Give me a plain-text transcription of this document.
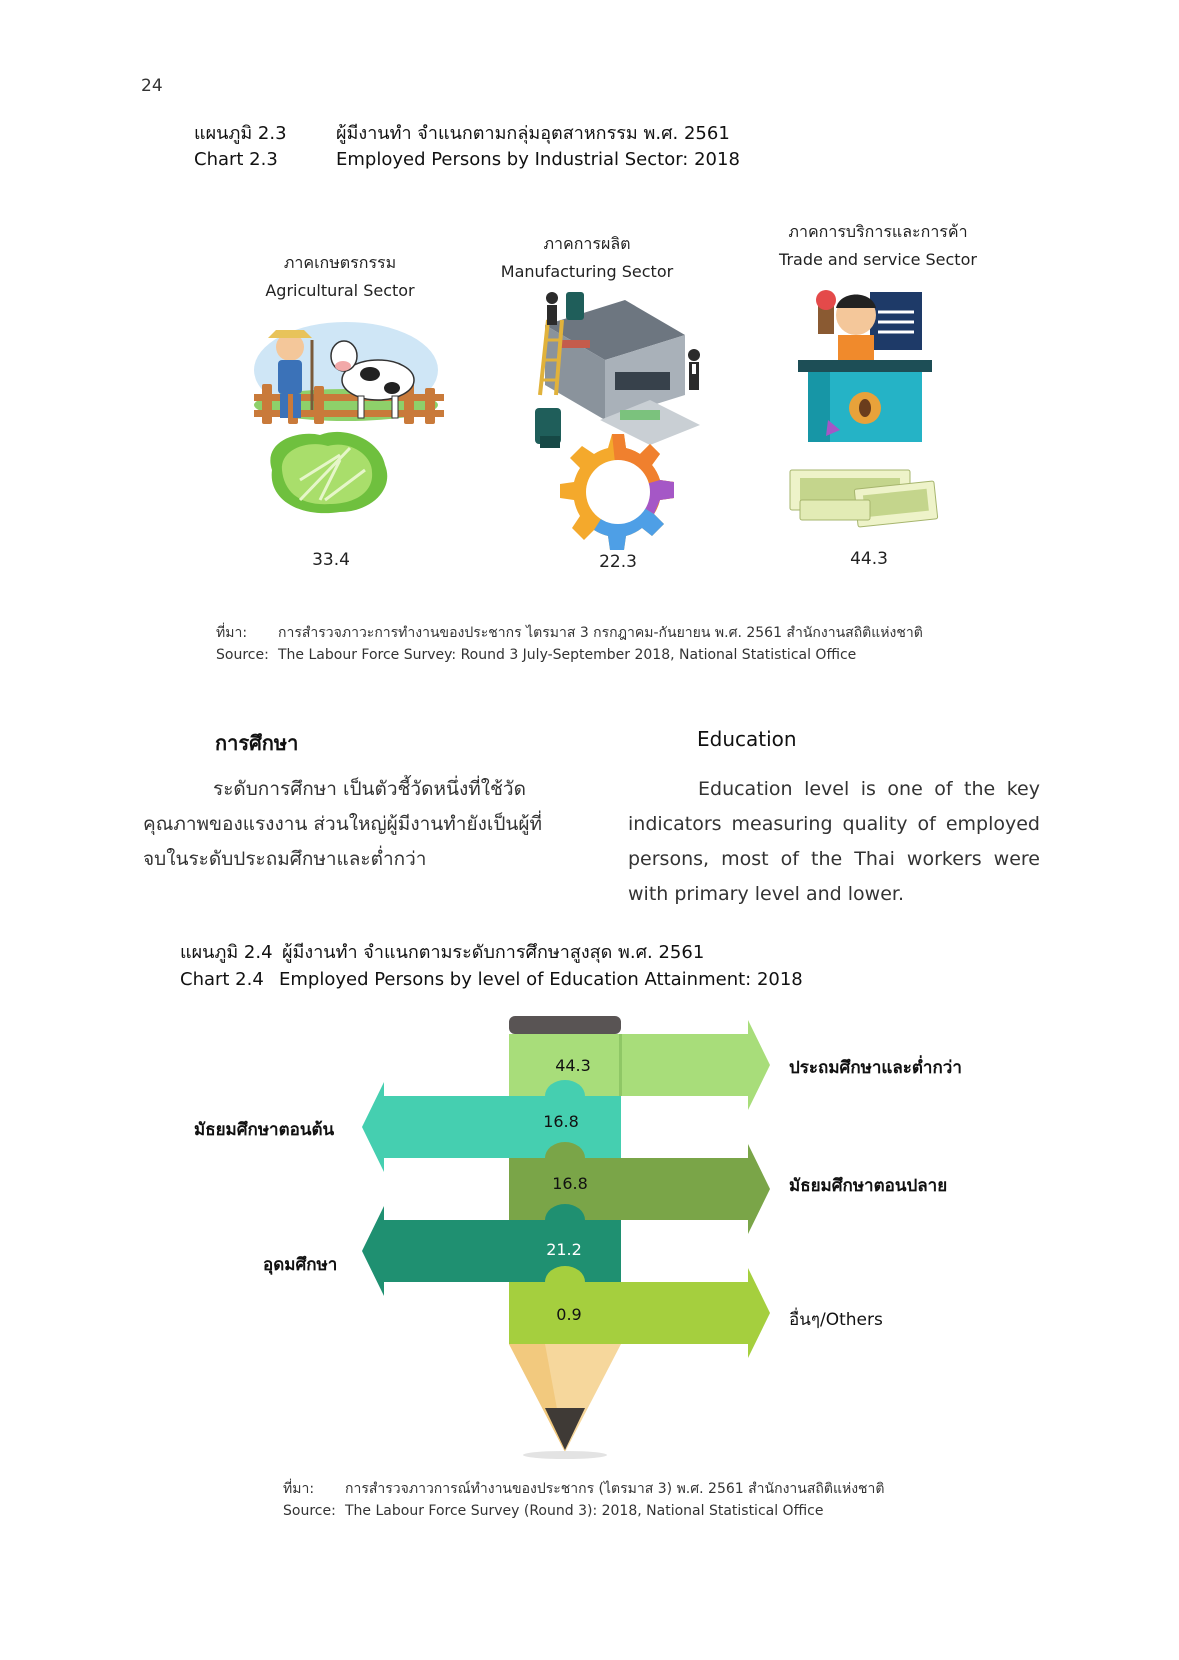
24
แผนภูมิ 2.3	ผู้มีงานทำ จำแนกตามกลุ่มอุตสาหกรรม พ.ศ. 2561
Chart 2.3	Employed Persons by Industrial Sector: 2018
ภาคเกษตรกรรม
Agricultural Sector
ภาคการผลิต
Manufacturing Sector
ภาคการบริการและการค้า
Trade and service Sector
33.4	22.3	44.3
ที่มา: การสำรวจภาวะการทำงานของประชากร ไตรมาส 3 กรกฎาคม-กันยายน พ.ศ. 2561 สำนักงานสถิติแห่งชาติ
Source: The Labour Force Survey: Round 3 July-September 2018, National Statistical Office
การศึกษา	Education
ระดับการศึกษา เป็นตัวชี้วัดหนึ่งที่ใช้วัดคุณภาพของแรงงาน ส่วนใหญ่ผู้มีงานทำยังเป็นผู้ที่จบในระดับประถมศึกษาและต่ำกว่า
Education level is one of the key indicators measuring quality of employed persons, most of the Thai workers were with primary level and lower.
แผนภูมิ 2.4 ผู้มีงานทำ จำแนกตามระดับการศึกษาสูงสุด พ.ศ. 2561
Chart 2.4 Employed Persons by level of Education Attainment: 2018
44.3
16.8
16.8
21.2
0.9
ประถมศึกษาและต่ำกว่า
มัธยมศึกษาตอนต้น
มัธยมศึกษาตอนปลาย
อุดมศึกษา
อื่นๆ/Others
ที่มา: การสำรวจภาวการณ์ทำงานของประชากร (ไตรมาส 3) พ.ศ. 2561 สำนักงานสถิติแห่งชาติ
Source: The Labour Force Survey (Round 3): 2018, National Statistical Office
